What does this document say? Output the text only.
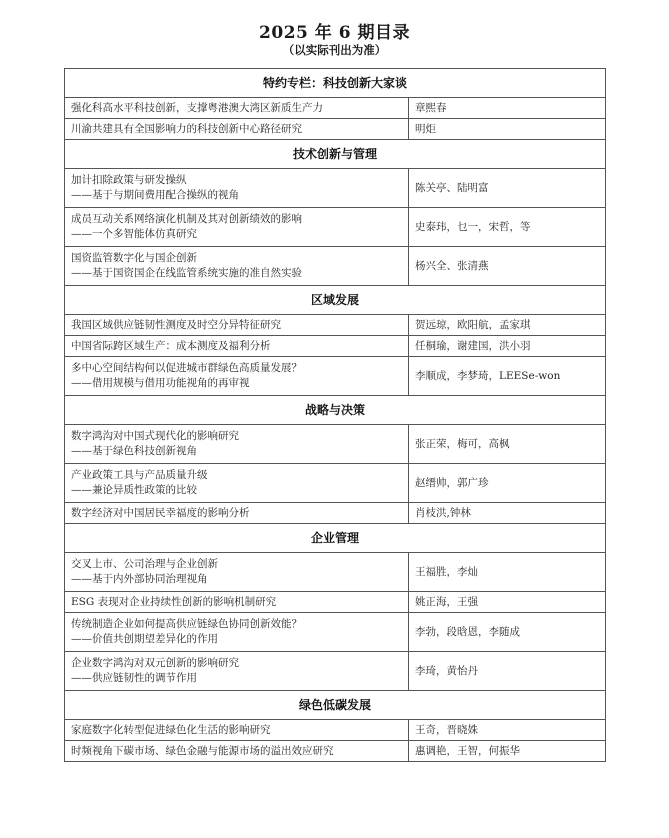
2025 年 6 期目录
（以实际刊出为准）
特约专栏：科技创新大家谈	
强化科高水平科技创新，支撑粤港澳大湾区新质生产力	章熙春
川渝共建具有全国影响力的科技创新中心路径研究	明炬
技术创新与管理	

加计扣除政策与研发操纵
——基于与期间费用配合操纵的视角	陈关亭、陆明富

成员互动关系网络演化机制及其对创新绩效的影响
——一个多智能体仿真研究	史泰玮，乜一，宋哲，等

国资监管数字化与国企创新
——基于国资国企在线监管系统实施的准自然实验	杨兴全、张清燕
区域发展	
我国区域供应链韧性测度及时空分异特征研究	贺远琼，欧阳航，孟家琪
中国省际跨区域生产：成本测度及福利分析	任桐瑜，谢建国，洪小羽

多中心空间结构何以促进城市群绿色高质量发展？
——借用规模与借用功能视角的再审视	李顺成，李梦琦，LEESe-won
战略与决策	

数字鸿沟对中国式现代化的影响研究
——基于绿色科技创新视角	张正荣，梅可，高枫

产业政策工具与产品质量升级
——兼论异质性政策的比较	赵缙帅，郭广珍
数字经济对中国居民幸福度的影响分析	肖枝洪,钟林
企业管理	

交叉上市、公司治理与企业创新
——基于内外部协同治理视角	王福胜，李灿
ESG 表现对企业持续性创新的影响机制研究	姚正海，王强

传统制造企业如何提高供应链绿色协同创新效能？
——价值共创期望差异化的作用	李勃，段晗恩，李随成

企业数字鸿沟对双元创新的影响研究
——供应链韧性的调节作用	李琦，黄怡丹
绿色低碳发展	
家庭数字化转型促进绿色化生活的影响研究	王奇，晋晓姝
时频视角下碳市场、绿色金融与能源市场的溢出效应研究	惠调艳，王智，何振华
